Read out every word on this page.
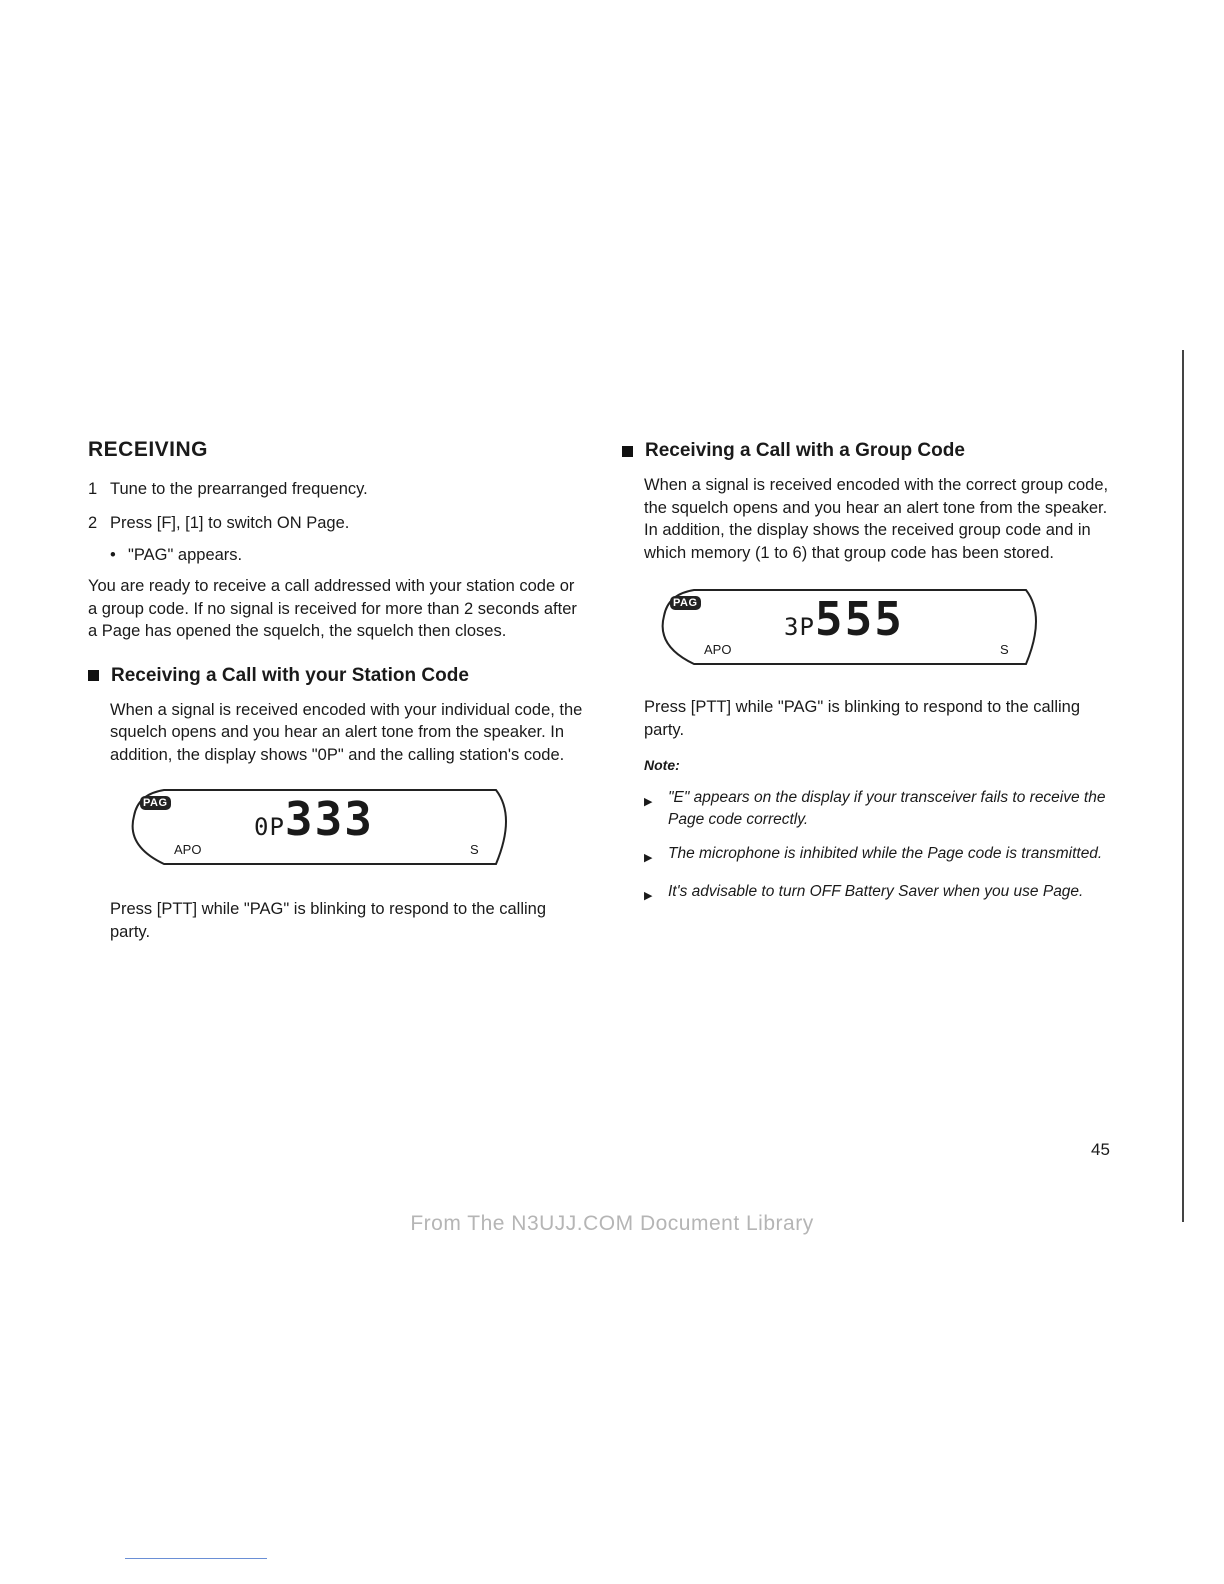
RECEIVING
1 Tune to the prearranged frequency.
2 Press [F], [1] to switch ON Page.
• "PAG" appears.

You are ready to receive a call addressed with your station code or a group code. If no signal is received for more than 2 seconds after a Page has opened the squelch, the squelch then closes.

Receiving a Call with your Station Code

When a signal is received encoded with your individual code, the squelch opens and you hear an alert tone from the speaker. In addition, the display shows "0P" and the calling station's code.

PAG
APO
0P333
S

Press [PTT] while "PAG" is blinking to respond to the calling party.

Receiving a Call with a Group Code

When a signal is received encoded with the correct group code, the squelch opens and you hear an alert tone from the speaker. In addition, the display shows the received group code and in which memory (1 to 6) that group code has been stored.

PAG
APO
3P555
S

Press [PTT] while "PAG" is blinking to respond to the calling party.

Note:
▶	"E" appears on the display if your transceiver fails to receive the Page code correctly.
▶	The microphone is inhibited while the Page code is transmitted.
▶	It's advisable to turn OFF Battery Saver when you use Page.
45
From The N3UJJ.COM Document Library
